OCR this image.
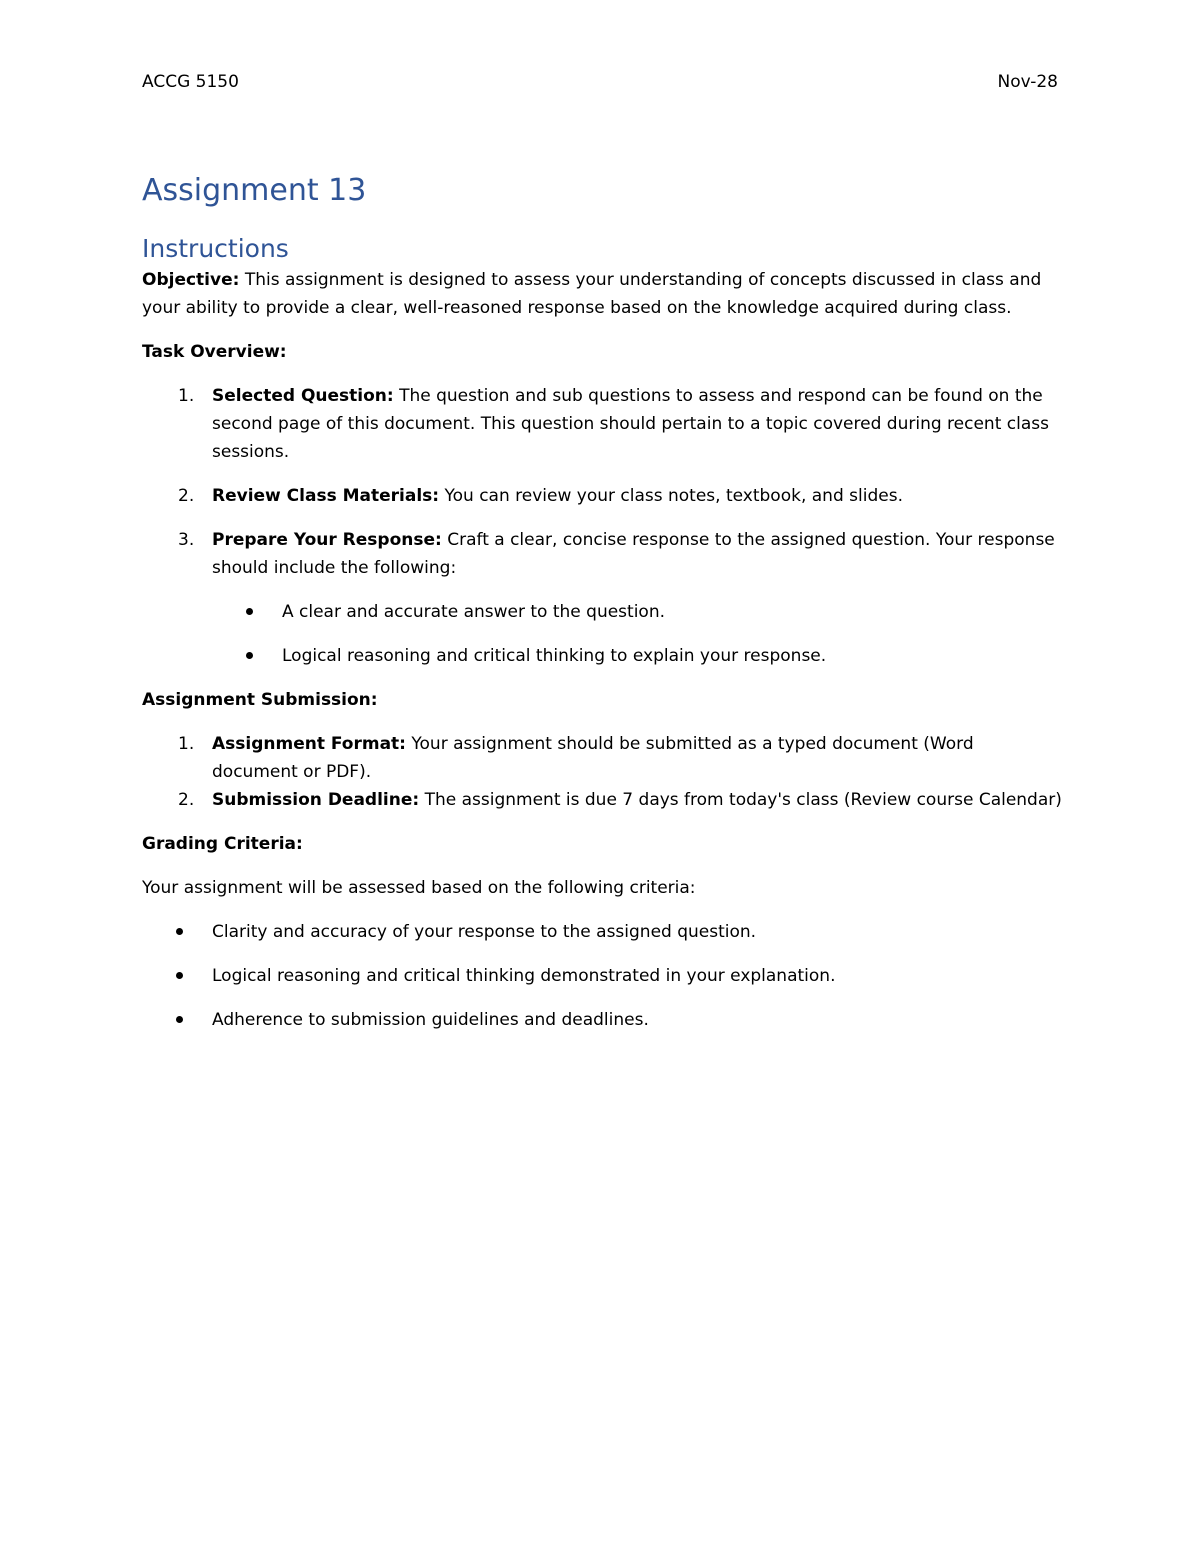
ACCG 5150	Nov-28
Assignment 13
Instructions

Objective: This assignment is designed to assess your understanding of concepts discussed in class and your ability to provide a clear, well-reasoned response based on the knowledge acquired during class.

Task Overview:

1. Selected Question: The question and sub questions to assess and respond can be found on the second page of this document. This question should pertain to a topic covered during recent class sessions.
2. Review Class Materials: You can review your class notes, textbook, and slides.
3. Prepare Your Response: Craft a clear, concise response to the assigned question. Your response should include the following:
A clear and accurate answer to the question.
Logical reasoning and critical thinking to explain your response.

Assignment Submission:

1. Assignment Format: Your assignment should be submitted as a typed document (Word document or PDF).
2. Submission Deadline: The assignment is due 7 days from today's class (Review course Calendar)

Grading Criteria:

Your assignment will be assessed based on the following criteria:

Clarity and accuracy of your response to the assigned question.
Logical reasoning and critical thinking demonstrated in your explanation.
Adherence to submission guidelines and deadlines.
